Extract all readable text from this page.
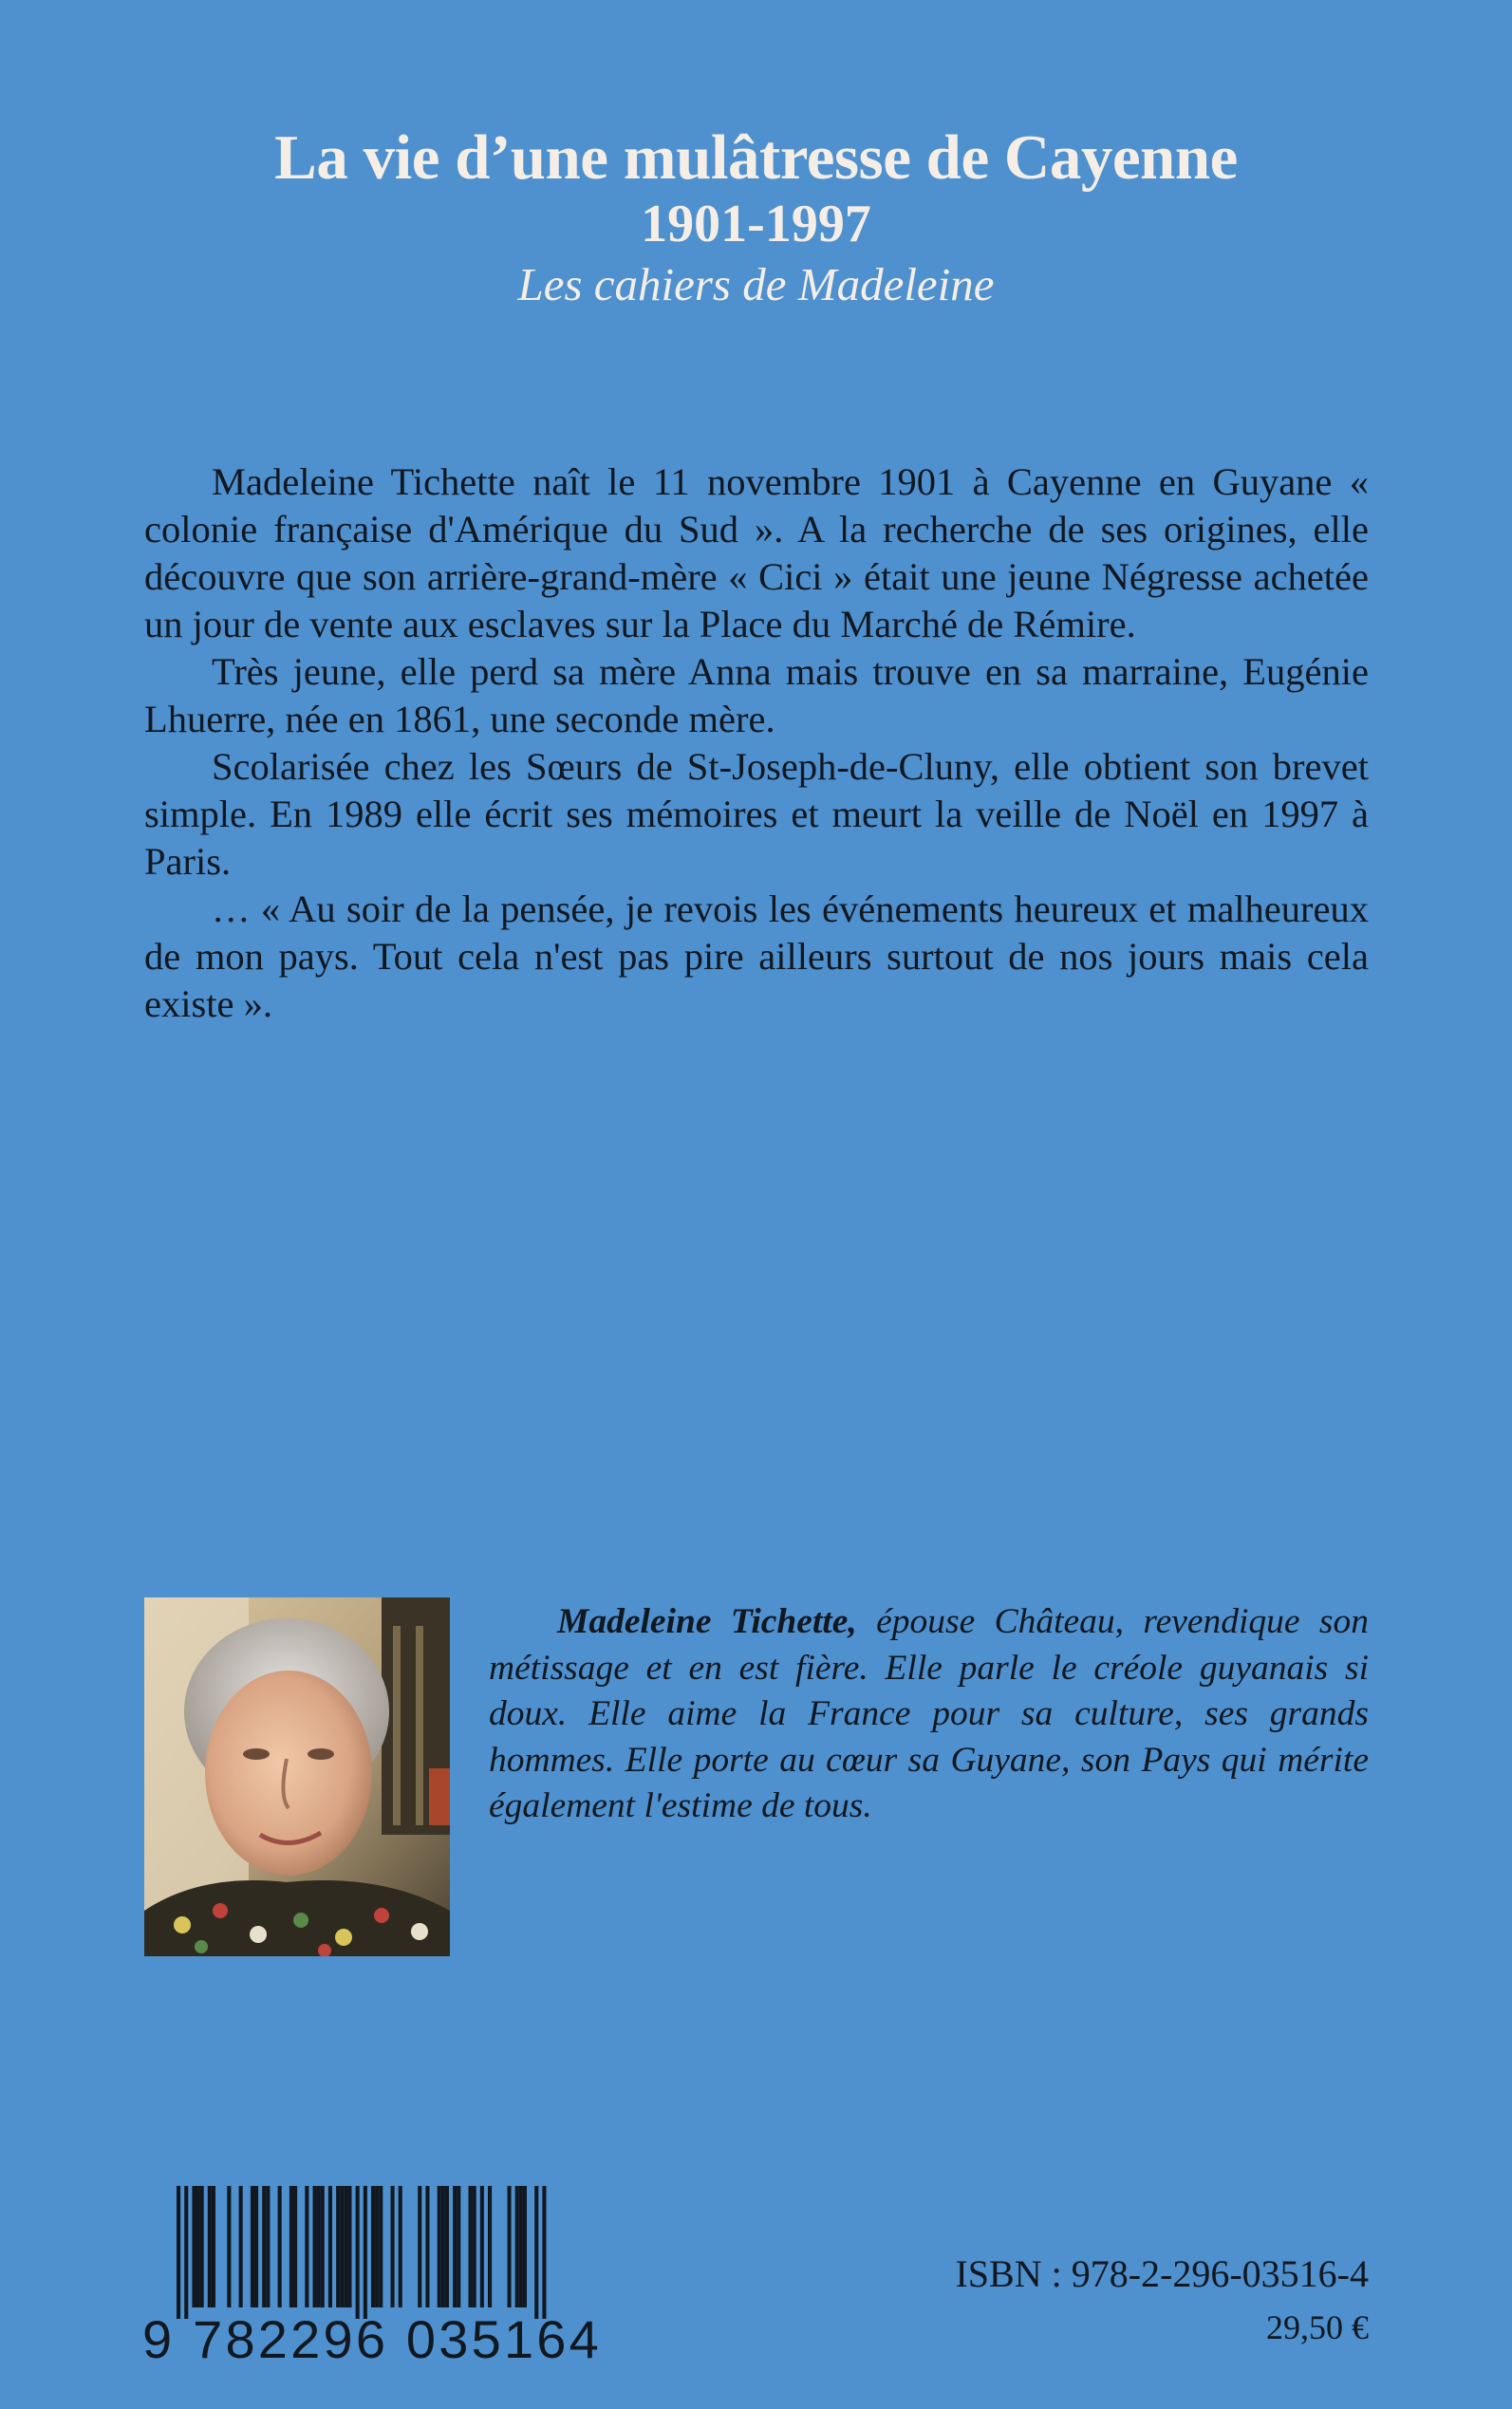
La vie d’une mulâtresse de Cayenne
1901-1997
Les cahiers de Madeleine

Madeleine Tichette naît le 11 novembre 1901 à Cayenne en Guyane « colonie française d'Amérique du Sud ». A la recherche de ses origines, elle découvre que son arrière-grand-mère « Cici » était une jeune Négresse achetée un jour de vente aux esclaves sur la Place du Marché de Rémire.

Très jeune, elle perd sa mère Anna mais trouve en sa marraine, Eugénie Lhuerre, née en 1861, une seconde mère.

Scolarisée chez les Sœurs de St-Joseph-de-Cluny, elle obtient son brevet simple. En 1989 elle écrit ses mémoires et meurt la veille de Noël en 1997 à Paris.

… « Au soir de la pensée, je revois les événements heureux et malheureux de mon pays. Tout cela n'est pas pire ailleurs surtout de nos jours mais cela existe ».

Madeleine Tichette, épouse Château, revendique son métissage et en est fière. Elle parle le créole guyanais si doux. Elle aime la France pour sa culture, ses grands hommes. Elle porte au cœur sa Guyane, son Pays qui mérite également l'estime de tous.

9 782296 035164
ISBN : 978-2-296-03516-4
29,50 €
